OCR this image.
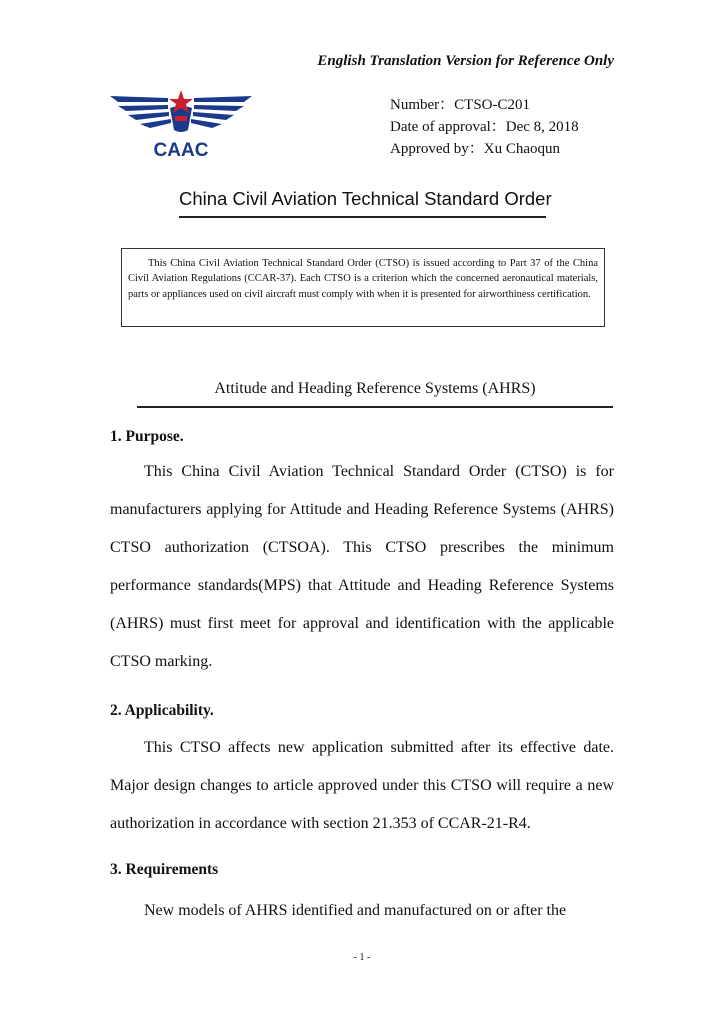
English Translation Version for Reference Only
CAAC
Number：CTSO-C201
Date of approval：Dec 8, 2018
Approved by：Xu Chaoqun
China Civil Aviation Technical Standard Order
This China Civil Aviation Technical Standard Order (CTSO) is issued according to Part 37 of the China Civil Aviation Regulations (CCAR-37). Each CTSO is a criterion which the concerned aeronautical materials, parts or appliances used on civil aircraft must comply with when it is presented for airworthiness certification.
Attitude and Heading Reference Systems (AHRS)
1. Purpose.
This China Civil Aviation Technical Standard Order (CTSO) is for manufacturers applying for Attitude and Heading Reference Systems (AHRS) CTSO authorization (CTSOA). This CTSO prescribes the minimum performance standards(MPS) that Attitude and Heading Reference Systems (AHRS) must first meet for approval and identification with the applicable CTSO marking.
2. Applicability.
This CTSO affects new application submitted after its effective date. Major design changes to article approved under this CTSO will require a new authorization in accordance with section 21.353 of CCAR-21-R4.
3. Requirements
New models of AHRS identified and manufactured on or after the
- 1 -
